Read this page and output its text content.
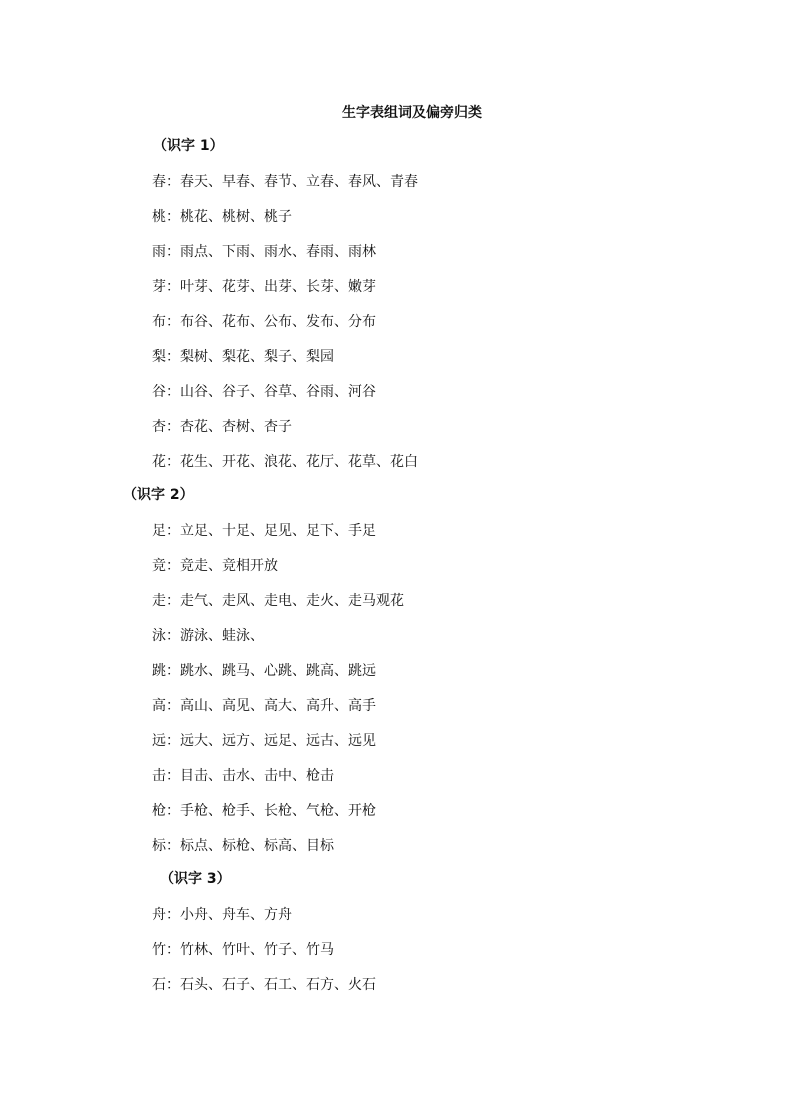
生字表组词及偏旁归类
（识字 1）
春 ： 春天、早春、春节、立春、春风、青春
桃 ： 桃花、桃树、桃子
雨 ： 雨点、下雨、雨水、春雨、雨林
芽 ： 叶芽、花芽、出芽、长芽、嫩芽
布 ： 布谷、花布、公布、发布、分布
梨 ： 梨树、梨花、梨子、梨园
谷 ： 山谷、谷子、谷草、谷雨、河谷
杏 ： 杏花、杏树、杏子
花 ： 花生、开花、浪花、花厅、花草、花白
（识字 2）
足 ： 立足、十足、足见、足下、手足
竞 ： 竞走、竞相开放
走 ： 走气、走风、走电、走火、走马观花
泳 ： 游泳、蛙泳、
跳 ： 跳水、跳马、心跳、跳高、跳远
高 ： 高山、高见、高大、高升、高手
远 ： 远大、远方、远足、远古、远见
击 ： 目击、击水、击中、枪击
枪 ： 手枪、枪手、长枪、气枪、开枪
标 ： 标点、标枪、标高、目标
（识字 3）
舟 ： 小舟、舟车、方舟
竹 ： 竹林、竹叶、竹子、竹马
石 ： 石头、石子、石工、石方、火石
